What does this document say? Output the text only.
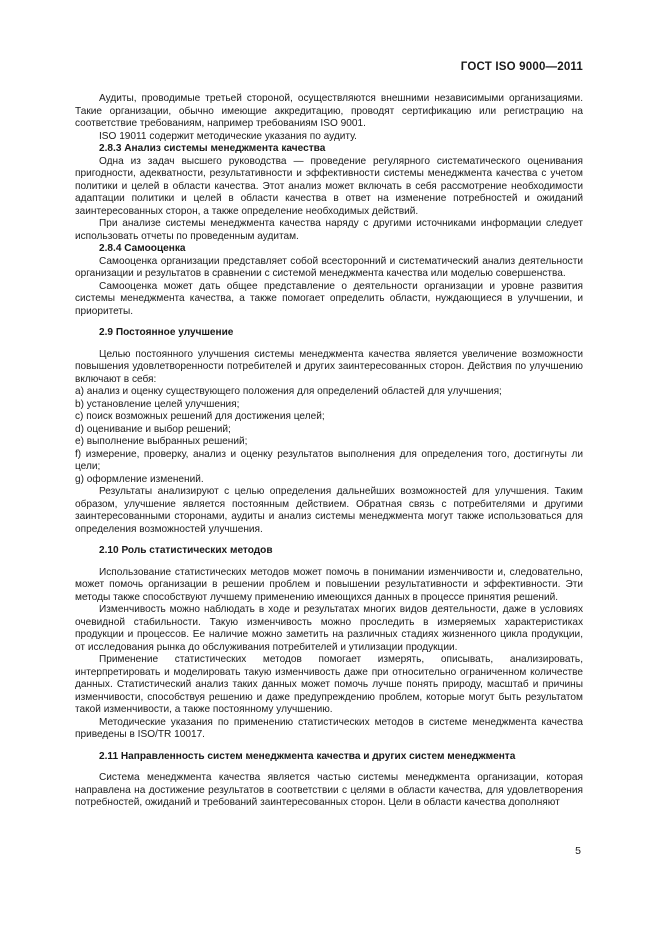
ГОСТ ISO 9000—2011

Аудиты, проводимые третьей стороной, осуществляются внешними независимыми организациями. Такие организации, обычно имеющие аккредитацию, проводят сертификацию или регистрацию на соответствие требованиям, например требованиям ISO 9001.

ISO 19011 содержит методические указания по аудиту.

2.8.3 Анализ системы менеджмента качества

Одна из задач высшего руководства — проведение регулярного систематического оценивания пригодности, адекватности, результативности и эффективности системы менеджмента качества с учетом политики и целей в области качества. Этот анализ может включать в себя рассмотрение необходимости адаптации политики и целей в области качества в ответ на изменение потребностей и ожиданий заинтересованных сторон, а также определение необходимых действий.

При анализе системы менеджмента качества наряду с другими источниками информации следует использовать отчеты по проведенным аудитам.

2.8.4 Самооценка

Самооценка организации представляет собой всесторонний и систематический анализ деятельности организации и результатов в сравнении с системой менеджмента качества или моделью совершенства.

Самооценка может дать общее представление о деятельности организации и уровне развития системы менеджмента качества, а также помогает определить области, нуждающиеся в улучшении, и приоритеты.

2.9 Постоянное улучшение

Целью постоянного улучшения системы менеджмента качества является увеличение возможности повышения удовлетворенности потребителей и других заинтересованных сторон. Действия по улучшению включают в себя:

a) анализ и оценку существующего положения для определений областей для улучшения;

b) установление целей улучшения;

c) поиск возможных решений для достижения целей;

d) оценивание и выбор решений;

e) выполнение выбранных решений;

f) измерение, проверку, анализ и оценку результатов выполнения для определения того, достигнуты ли цели;

g) оформление изменений.

Результаты анализируют с целью определения дальнейших возможностей для улучшения. Таким образом, улучшение является постоянным действием. Обратная связь с потребителями и другими заинтересованными сторонами, аудиты и анализ системы менеджмента могут также использоваться для определения возможностей улучшения.

2.10 Роль статистических методов

Использование статистических методов может помочь в понимании изменчивости и, следовательно, может помочь организации в решении проблем и повышении результативности и эффективности. Эти методы также способствуют лучшему применению имеющихся данных в процессе принятия решений.

Изменчивость можно наблюдать в ходе и результатах многих видов деятельности, даже в условиях очевидной стабильности. Такую изменчивость можно проследить в измеряемых характеристиках продукции и процессов. Ее наличие можно заметить на различных стадиях жизненного цикла продукции, от исследования рынка до обслуживания потребителей и утилизации продукции.

Применение статистических методов помогает измерять, описывать, анализировать, интерпретировать и моделировать такую изменчивость даже при относительно ограниченном количестве данных. Статистический анализ таких данных может помочь лучше понять природу, масштаб и причины изменчивости, способствуя решению и даже предупреждению проблем, которые могут быть результатом такой изменчивости, а также постоянному улучшению.

Методические указания по применению статистических методов в системе менеджмента качества приведены в ISO/TR 10017.

2.11 Направленность систем менеджмента качества и других систем менеджмента

Система менеджмента качества является частью системы менеджмента организации, которая направлена на достижение результатов в соответствии с целями в области качества, для удовлетворения потребностей, ожиданий и требований заинтересованных сторон. Цели в области качества дополняют

5
